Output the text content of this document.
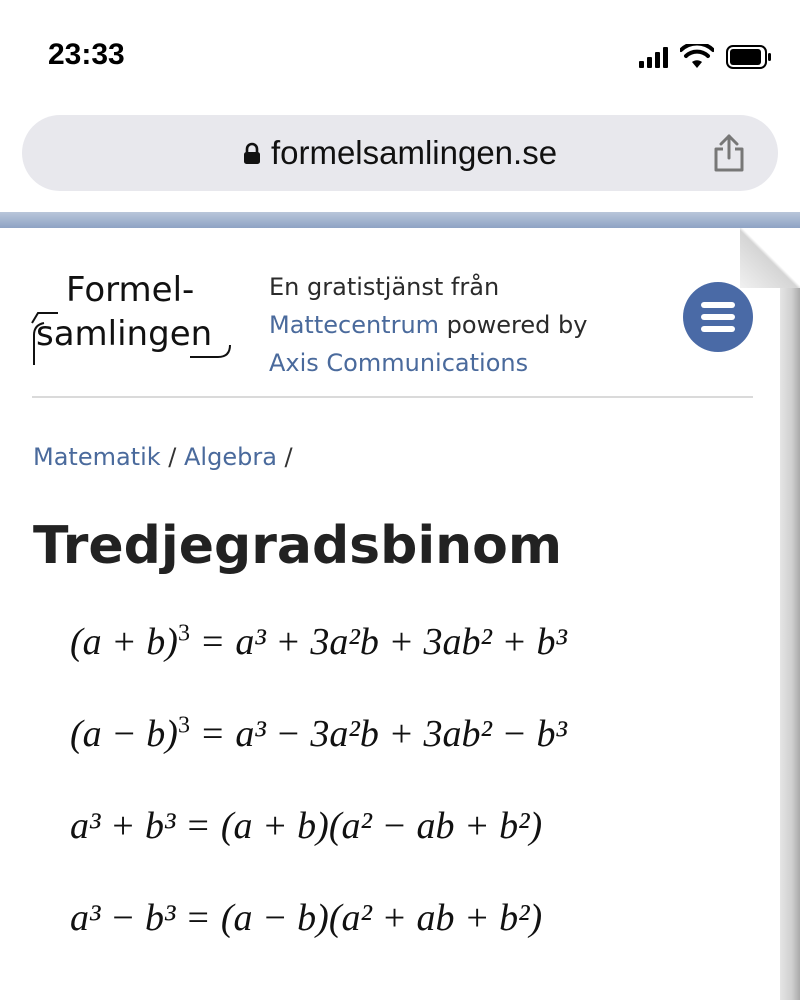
23:33
formelsamlingen.se
Formel-
samlingen
En gratistjänst från
Mattecentrum powered by
Axis Communications
Matematik / Algebra /
Tredjegradsbinom
$(a + b)^3 = a^3 + 3a^2b + 3ab^2 + b^3$
$(a - b)^3 = a^3 - 3a^2b + 3ab^2 - b^3$
a³ + b³ = (a + b)(a² − ab + b²)
a³ − b³ = (a − b)(a² + ab + b²)
